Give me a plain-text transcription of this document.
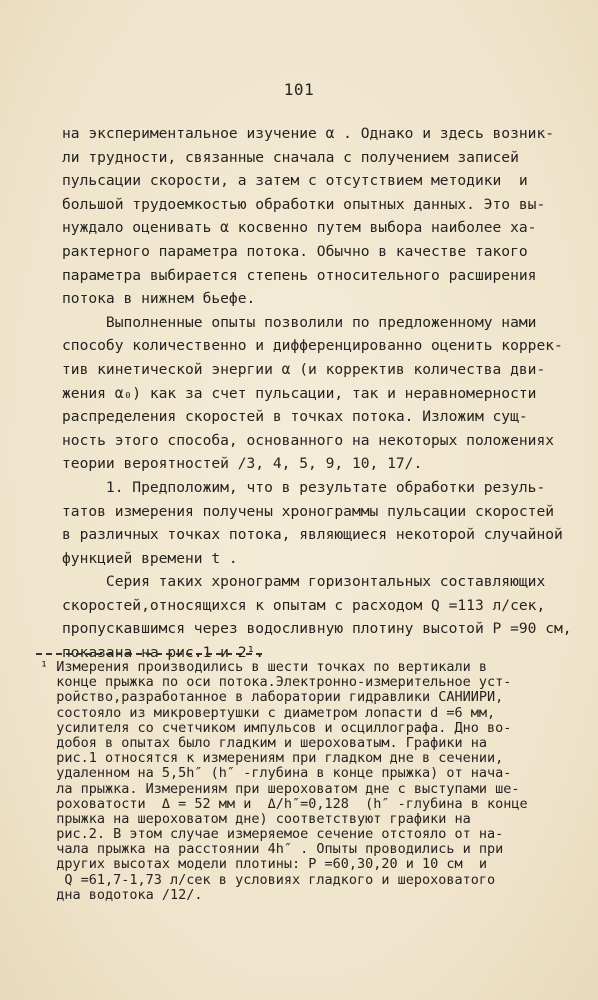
101
на экспериментальное изучение α . Однако и здесь возник-
ли трудности, связанные сначала с получением записей
пульсации скорости, а затем с отсутствием методики  и
большой трудоемкостью обработки опытных данных. Это вы-
нуждало оценивать α косвенно путем выбора наиболее ха-
рактерного параметра потока. Обычно в качестве такого
параметра выбирается степень относительного расширения
потока в нижнем бьефе.
Выполненные опыты позволили по предложенному нами
способу количественно и дифференцированно оценить коррек-
тив кинетической энергии α (и корректив количества дви-
жения α₀) как за счет пульсации, так и неравномерности
распределения скоростей в точках потока. Изложим сущ-
ность этого способа, основанного на некоторых положениях
теории вероятностей /3, 4, 5, 9, 10, 17/.
1. Предположим, что в результате обработки резуль-
татов измерения получены хронограммы пульсации скоростей
в различных точках потока, являющиеся некоторой случайной
функцией времени t .
Серия таких хронограмм горизонтальных составляющих
скоростей,относящихся к опытам с расходом Q =113 л/сек,
пропускавшимся через водосливную плотину высотой P =90 см,
показана на рис.1 и 2¹.
¹ Измерения производились в шести точках по вертикали в
конце прыжка по оси потока.Электронно-измерительное уст-
ройство,разработанное в лаборатории гидравлики САНИИРИ,
состояло из микровертушки с диаметром лопасти d =6 мм,
усилителя со счетчиком импульсов и осциллографа. Дно во-
добоя в опытах было гладким и шероховатым. Графики на
рис.1 относятся к измерениям при гладком дне в сечении,
удаленном на 5,5h″ (h″ -глубина в конце прыжка) от нача-
ла прыжка. Измерениям при шероховатом дне с выступами ше-
роховатости  Δ = 52 мм и  Δ/h″=0,128  (h″ -глубина в конце
прыжка на шероховатом дне) соответствуют графики на
рис.2. В этом случае измеряемое сечение отстояло от на-
чала прыжка на расстоянии 4h″ . Опыты проводились и при
других высотах модели плотины: P =60,30,20 и 10 см  и
Q =61,7-1,73 л/сек в условиях гладкого и шероховатого
дна водотока /12/.
